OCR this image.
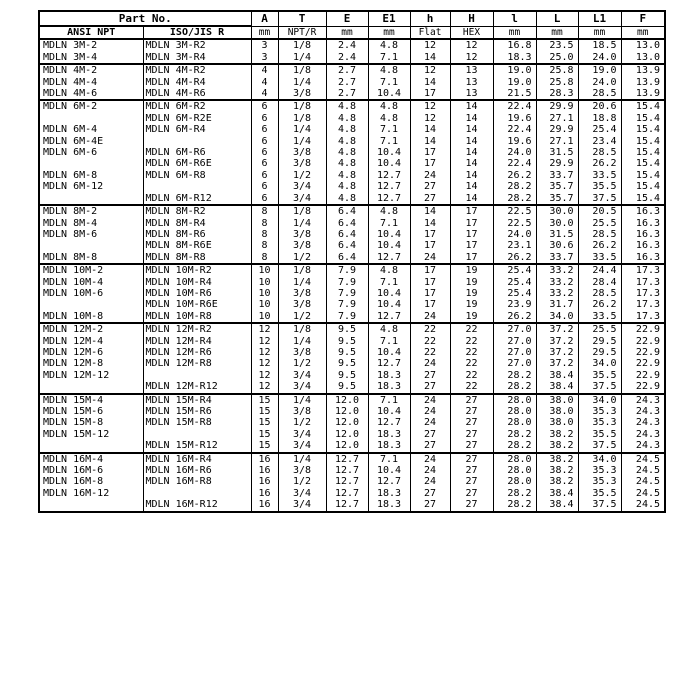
Part No.		A	T	E	E1	h	H	l	L	L1	F
ANSI NPT	ISO/JIS R										
		mm	NPT/R	mm	mm	Flat	HEX	mm	mm	mm	mm
MDLN 3M-2	MDLN 3M-R2	3	1/8	2.4	4.8	12	12	16.8	23.5	18.5	13.0
MDLN 3M-4	MDLN 3M-R4	3	1/4	2.4	7.1	14	12	18.3	25.0	24.0	13.0
MDLN 4M-2	MDLN 4M-R2	4	1/8	2.7	4.8	12	13	19.0	25.8	19.0	13.9
MDLN 4M-4	MDLN 4M-R4	4	1/4	2.7	7.1	14	13	19.0	25.8	24.0	13.9
MDLN 4M-6	MDLN 4M-R6	4	3/8	2.7	10.4	17	13	21.5	28.3	28.5	13.9
MDLN 6M-2	MDLN 6M-R2	6	1/8	4.8	4.8	12	14	22.4	29.9	20.6	15.4
	MDLN 6M-R2E	6	1/8	4.8	4.8	12	14	19.6	27.1	18.8	15.4
MDLN 6M-4	MDLN 6M-R4	6	1/4	4.8	7.1	14	14	22.4	29.9	25.4	15.4
MDLN 6M-4E		6	1/4	4.8	7.1	14	14	19.6	27.1	23.4	15.4
MDLN 6M-6	MDLN 6M-R6	6	3/8	4.8	10.4	17	14	24.0	31.5	28.5	15.4
	MDLN 6M-R6E	6	3/8	4.8	10.4	17	14	22.4	29.9	26.2	15.4
MDLN 6M-8	MDLN 6M-R8	6	1/2	4.8	12.7	24	14	26.2	33.7	33.5	15.4
MDLN 6M-12		6	3/4	4.8	12.7	27	14	28.2	35.7	35.5	15.4
	MDLN 6M-R12	6	3/4	4.8	12.7	27	14	28.2	35.7	37.5	15.4
MDLN 8M-2	MDLN 8M-R2	8	1/8	6.4	4.8	14	17	22.5	30.0	20.5	16.3
MDLN 8M-4	MDLN 8M-R4	8	1/4	6.4	7.1	14	17	22.5	30.0	25.5	16.3
MDLN 8M-6	MDLN 8M-R6	8	3/8	6.4	10.4	17	17	24.0	31.5	28.5	16.3
	MDLN 8M-R6E	8	3/8	6.4	10.4	17	17	23.1	30.6	26.2	16.3
MDLN 8M-8	MDLN 8M-R8	8	1/2	6.4	12.7	24	17	26.2	33.7	33.5	16.3
MDLN 10M-2	MDLN 10M-R2	10	1/8	7.9	4.8	17	19	25.4	33.2	24.4	17.3
MDLN 10M-4	MDLN 10M-R4	10	1/4	7.9	7.1	17	19	25.4	33.2	28.4	17.3
MDLN 10M-6	MDLN 10M-R6	10	3/8	7.9	10.4	17	19	25.4	33.2	28.5	17.3
	MDLN 10M-R6E	10	3/8	7.9	10.4	17	19	23.9	31.7	26.2	17.3
MDLN 10M-8	MDLN 10M-R8	10	1/2	7.9	12.7	24	19	26.2	34.0	33.5	17.3
MDLN 12M-2	MDLN 12M-R2	12	1/8	9.5	4.8	22	22	27.0	37.2	25.5	22.9
MDLN 12M-4	MDLN 12M-R4	12	1/4	9.5	7.1	22	22	27.0	37.2	29.5	22.9
MDLN 12M-6	MDLN 12M-R6	12	3/8	9.5	10.4	22	22	27.0	37.2	29.5	22.9
MDLN 12M-8	MDLN 12M-R8	12	1/2	9.5	12.7	24	22	27.0	37.2	34.0	22.9
MDLN 12M-12		12	3/4	9.5	18.3	27	22	28.2	38.4	35.5	22.9
	MDLN 12M-R12	12	3/4	9.5	18.3	27	22	28.2	38.4	37.5	22.9
MDLN 15M-4	MDLN 15M-R4	15	1/4	12.0	7.1	24	27	28.0	38.0	34.0	24.3
MDLN 15M-6	MDLN 15M-R6	15	3/8	12.0	10.4	24	27	28.0	38.0	35.3	24.3
MDLN 15M-8	MDLN 15M-R8	15	1/2	12.0	12.7	24	27	28.0	38.0	35.3	24.3
MDLN 15M-12		15	3/4	12.0	18.3	27	27	28.2	38.2	35.5	24.3
	MDLN 15M-R12	15	3/4	12.0	18.3	27	27	28.2	38.2	37.5	24.3
MDLN 16M-4	MDLN 16M-R4	16	1/4	12.7	7.1	24	27	28.0	38.2	34.0	24.5
MDLN 16M-6	MDLN 16M-R6	16	3/8	12.7	10.4	24	27	28.0	38.2	35.3	24.5
MDLN 16M-8	MDLN 16M-R8	16	1/2	12.7	12.7	24	27	28.0	38.2	35.3	24.5
MDLN 16M-12		16	3/4	12.7	18.3	27	27	28.2	38.4	35.5	24.5
	MDLN 16M-R12	16	3/4	12.7	18.3	27	27	28.2	38.4	37.5	24.5
